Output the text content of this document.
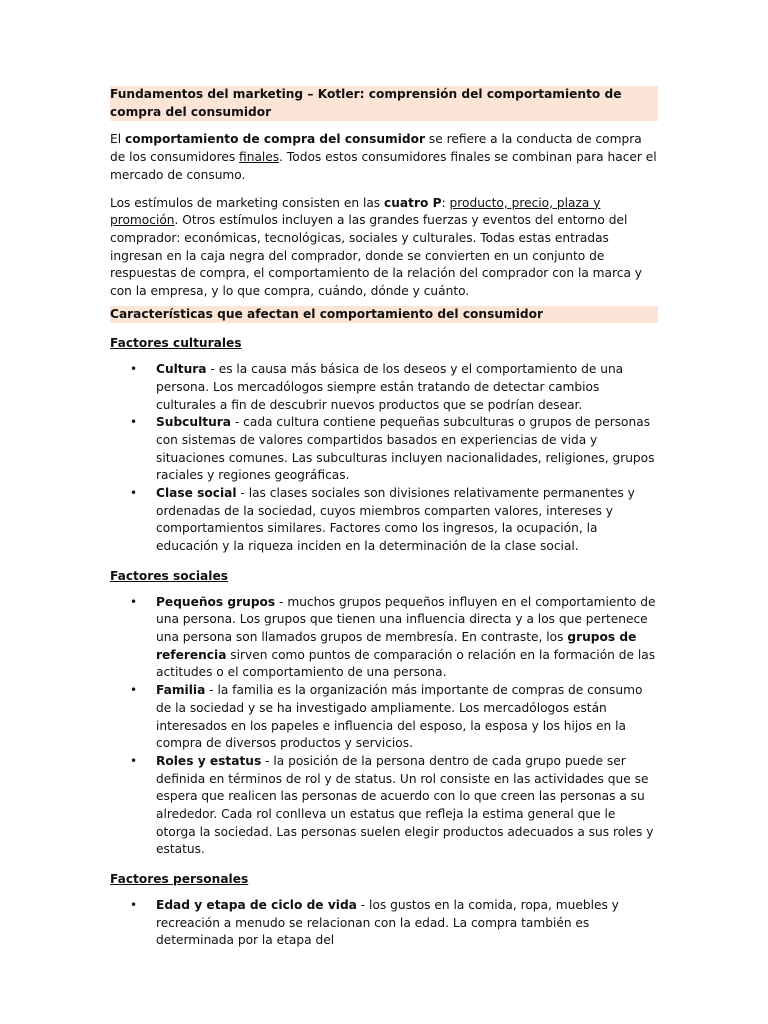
Fundamentos del marketing – Kotler: comprensión del comportamiento de compra del consumidor

El comportamiento de compra del consumidor se refiere a la conducta de compra de los consumidores finales. Todos estos consumidores finales se combinan para hacer el mercado de consumo.

Los estímulos de marketing consisten en las cuatro P: producto, precio, plaza y promoción. Otros estímulos incluyen a las grandes fuerzas y eventos del entorno del comprador: económicas, tecnológicas, sociales y culturales. Todas estas entradas ingresan en la caja negra del comprador, donde se convierten en un conjunto de respuestas de compra, el comportamiento de la relación del comprador con la marca y con la empresa, y lo que compra, cuándo, dónde y cuánto.

Características que afectan el comportamiento del consumidor

Factores culturales

• Cultura - es la causa más básica de los deseos y el comportamiento de una persona. Los mercadólogos siempre están tratando de detectar cambios culturales a fin de descubrir nuevos productos que se podrían desear.
• Subcultura - cada cultura contiene pequeñas subculturas o grupos de personas con sistemas de valores compartidos basados en experiencias de vida y situaciones comunes. Las subculturas incluyen nacionalidades, religiones, grupos raciales y regiones geográficas.
• Clase social - las clases sociales son divisiones relativamente permanentes y ordenadas de la sociedad, cuyos miembros comparten valores, intereses y comportamientos similares. Factores como los ingresos, la ocupación, la educación y la riqueza inciden en la determinación de la clase social.

Factores sociales

• Pequeños grupos - muchos grupos pequeños influyen en el comportamiento de una persona. Los grupos que tienen una influencia directa y a los que pertenece una persona son llamados grupos de membresía. En contraste, los grupos de referencia sirven como puntos de comparación o relación en la formación de las actitudes o el comportamiento de una persona.
• Familia - la familia es la organización más importante de compras de consumo de la sociedad y se ha investigado ampliamente. Los mercadólogos están interesados en los papeles e influencia del esposo, la esposa y los hijos en la compra de diversos productos y servicios.
• Roles y estatus - la posición de la persona dentro de cada grupo puede ser definida en términos de rol y de status. Un rol consiste en las actividades que se espera que realicen las personas de acuerdo con lo que creen las personas a su alrededor. Cada rol conlleva un estatus que refleja la estima general que le otorga la sociedad. Las personas suelen elegir productos adecuados a sus roles y estatus.

Factores personales

• Edad y etapa de ciclo de vida - los gustos en la comida, ropa, muebles y recreación a menudo se relacionan con la edad. La compra también es determinada por la etapa del
